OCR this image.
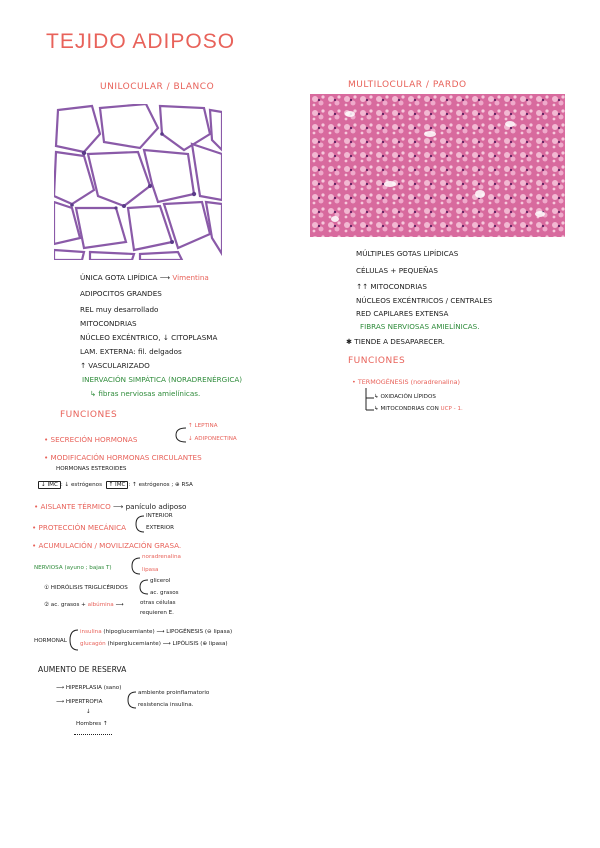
TEJIDO ADIPOSO
UNILOCULAR / BLANCO
ÚNICA GOTA LIPÍDICA ⟶ Vimentina
ADIPOCITOS GRANDES
REL muy desarrollado
MITOCONDRIAS
NÚCLEO EXCÉNTRICO, ↓ CITOPLASMA
LAM. EXTERNA: fil. delgados
↑ VASCULARIZADO
INERVACIÓN SIMPÁTICA (NORADRENÉRGICA)
↳ fibras nerviosas amielínicas.
FUNCIONES
• SECRECIÓN HORMONAS
↑ LEPTINA
↓ ADIPONECTINA
• MODIFICACIÓN HORMONAS CIRCULANTES
HORMONAS ESTEROIDES
↓ IMC : ↓ estrógenos ↑ IMC : ↑ estrógenos ; ⊕ RSA
• AISLANTE TÉRMICO ⟶ panículo adiposo
• PROTECCIÓN MECÁNICA
INTERIOR
EXTERIOR
• ACUMULACIÓN / MOVILIZACIÓN GRASA.
NERVIOSA (ayuno ; bajas T)
noradrenalina
lipasa
① HIDRÓLISIS TRIGLICÉRIDOS
glicerol
ac. grasos
② ac. grasos + albúmina ⟶	otras células
requieren E.
HORMONAL
insulina (hipoglucemiante) ⟶ LIPOGÉNESIS (⊖ lipasa)
glucagón (hiperglucemiante) ⟶ LIPÓLISIS (⊕ lipasa)
AUMENTO DE RESERVA
⟶ HIPERPLASIA (sano)
⟶ HIPERTROFIA
ambiente proinflamatorio
resistencia insulina.
↓
Hombres ↑
MULTILOCULAR / PARDO
MÚLTIPLES GOTAS LIPÍDICAS
CÉLULAS + PEQUEÑAS
↑↑ MITOCONDRIAS
NÚCLEOS EXCÉNTRICOS / CENTRALES
RED CAPILARES EXTENSA
FIBRAS NERVIOSAS AMIELÍNICAS.
✱ TIENDE A DESAPARECER.
FUNCIONES
• TERMOGÉNESIS (noradrenalina)
↳ OXIDACIÓN LÍPIDOS
↳ MITOCONDRIAS CON UCP - 1.
